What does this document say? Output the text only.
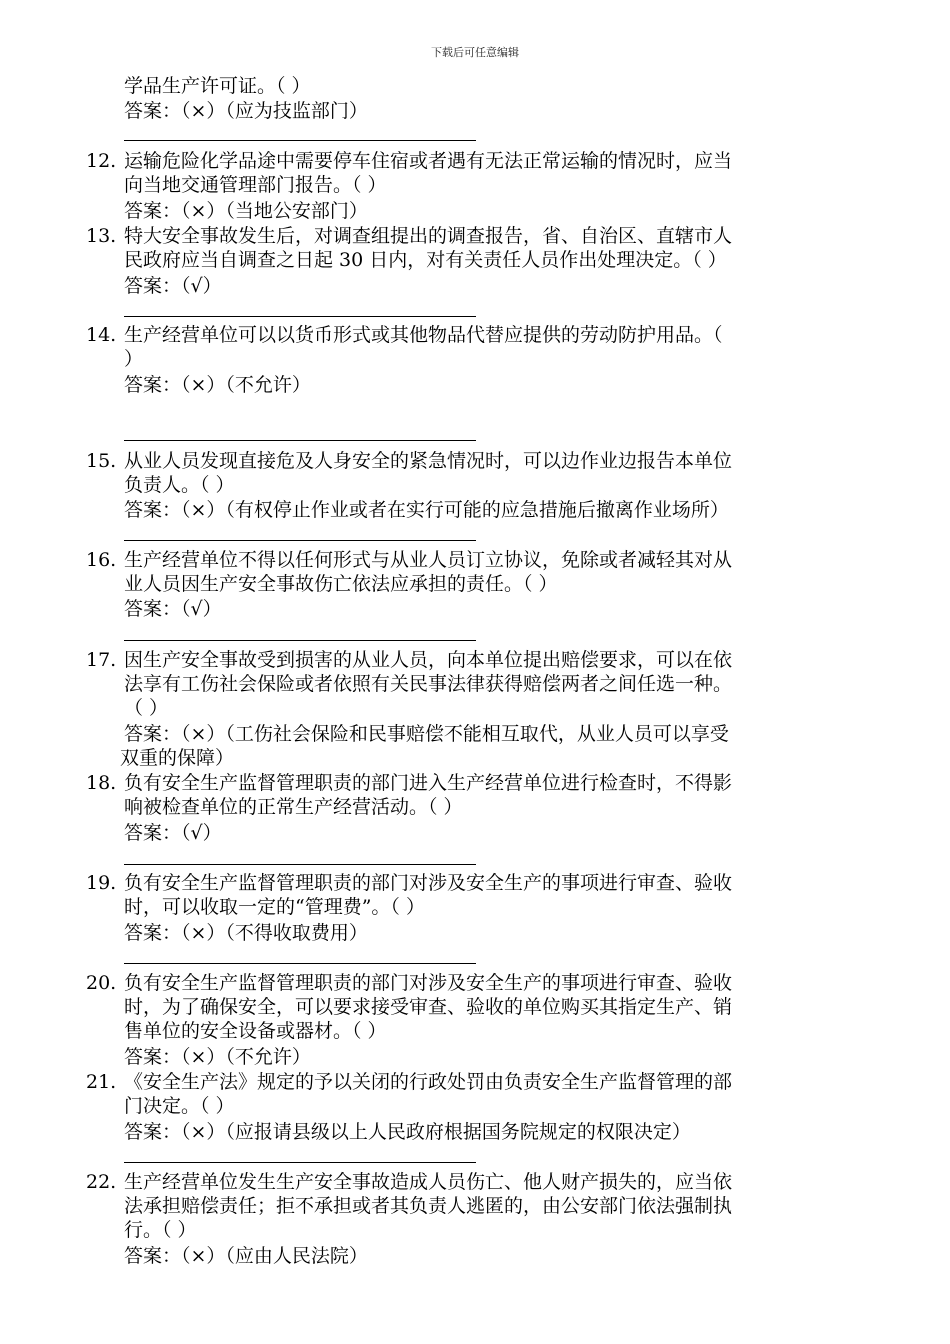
下载后可任意编辑
学品生产许可证。（ ）
答案：（×）（应为技监部门）
12. 运输危险化学品途中需要停车住宿或者遇有无法正常运输的情况时，应当
向当地交通管理部门报告。（ ）
答案：（×）（当地公安部门）
13. 特大安全事故发生后，对调查组提出的调查报告，省、自治区、直辖市人
民政府应当自调查之日起 30 日内，对有关责任人员作出处理决定。（ ）
答案：（√）
14. 生产经营单位可以以货币形式或其他物品代替应提供的劳动防护用品。（
）
答案：（×）（不允许）
15. 从业人员发现直接危及人身安全的紧急情况时，可以边作业边报告本单位
负责人。（ ）
答案：（×）（有权停止作业或者在实行可能的应急措施后撤离作业场所）
16. 生产经营单位不得以任何形式与从业人员订立协议，免除或者减轻其对从
业人员因生产安全事故伤亡依法应承担的责任。（ ）
答案：（√）
17. 因生产安全事故受到损害的从业人员，向本单位提出赔偿要求，可以在依
法享有工伤社会保险或者依照有关民事法律获得赔偿两者之间任选一种。
（ ）
答案：（×）（工伤社会保险和民事赔偿不能相互取代，从业人员可以享受
双重的保障）
18. 负有安全生产监督管理职责的部门进入生产经营单位进行检查时，不得影
响被检查单位的正常生产经营活动。（ ）
答案：（√）
19. 负有安全生产监督管理职责的部门对涉及安全生产的事项进行审查、验收
时，可以收取一定的“管理费”。（ ）
答案：（×）（不得收取费用）
20. 负有安全生产监督管理职责的部门对涉及安全生产的事项进行审查、验收
时，为了确保安全，可以要求接受审查、验收的单位购买其指定生产、销
售单位的安全设备或器材。（ ）
答案：（×）（不允许）
21. 《安全生产法》规定的予以关闭的行政处罚由负责安全生产监督管理的部
门决定。（ ）
答案：（×）（应报请县级以上人民政府根据国务院规定的权限决定）
22. 生产经营单位发生生产安全事故造成人员伤亡、他人财产损失的，应当依
法承担赔偿责任；拒不承担或者其负责人逃匿的，由公安部门依法强制执
行。（ ）
答案：（×）（应由人民法院）
